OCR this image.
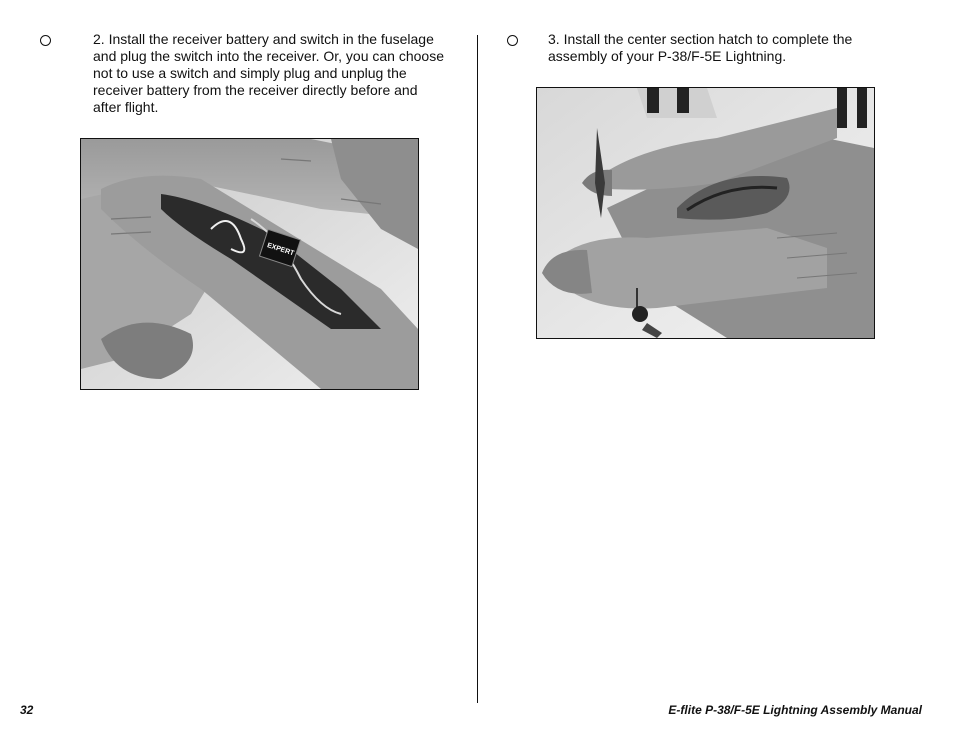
2. Install the receiver battery and switch in the fuselage and plug the switch into the receiver. Or, you can choose not to use a switch and simply plug and unplug the receiver battery from the receiver directly before and after flight.
EXPERT
3. Install the center section hatch to complete the assembly of your P-38/F-5E Lightning.
32	E-flite P-38/F-5E Lightning Assembly Manual
